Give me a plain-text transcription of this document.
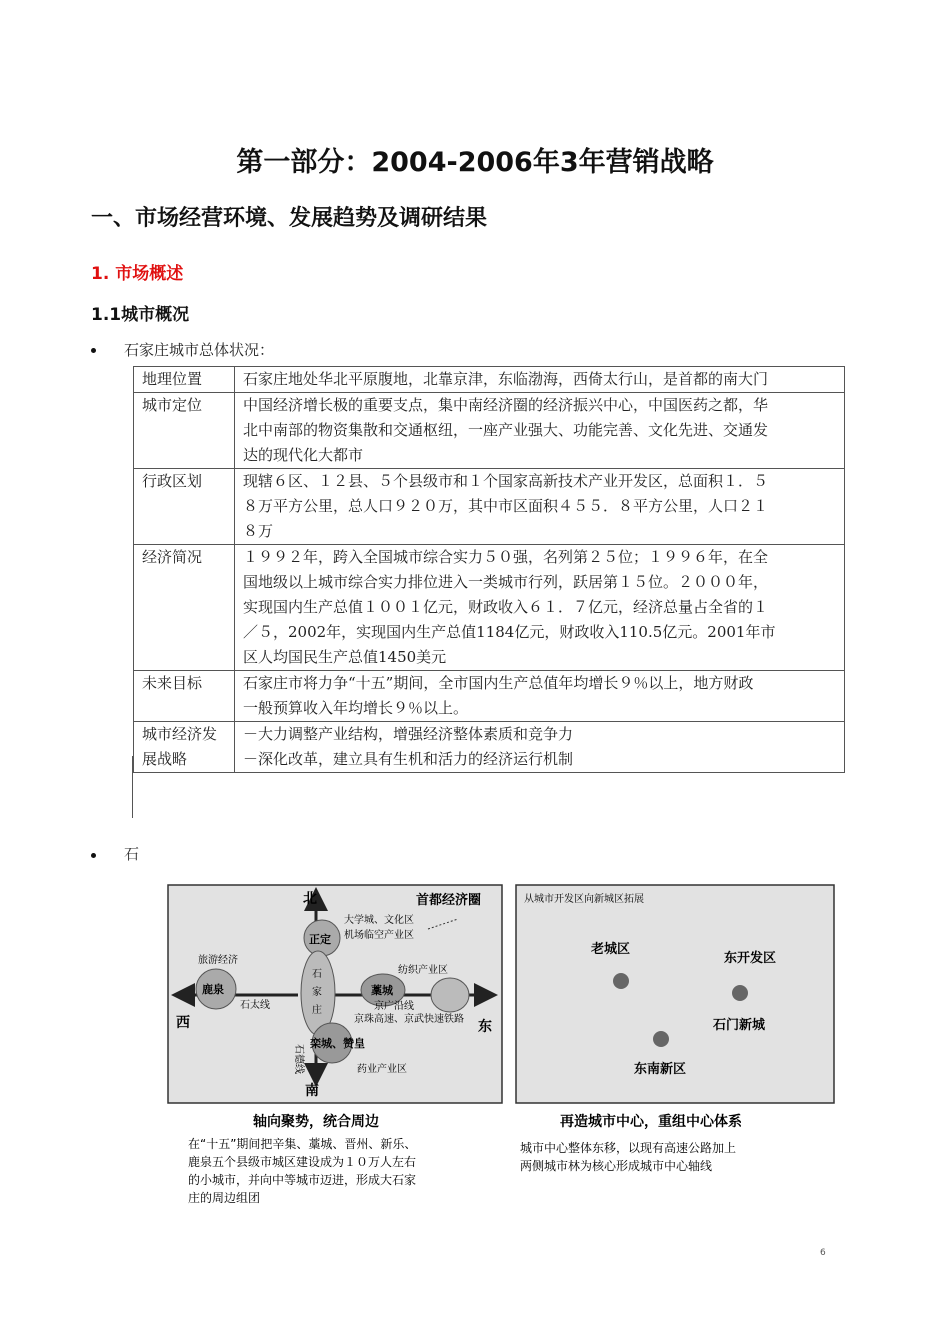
第一部分：2004-2006年3年营销战略
一、市场经营环境、发展趋势及调研结果
1. 市场概述
1.1城市概况
石家庄城市总体状况：
地理位置	石家庄地处华北平原腹地，北靠京津，东临渤海，西倚太行山，是首都的南大门

城市定位	中国经济增长极的重要支点，集中南经济圈的经济振兴中心，中国医药之都，华
北中南部的物资集散和交通枢纽，一座产业强大、功能完善、文化先进、交通发
达的现代化大都市

行政区划	现辖６区、１２县、５个县级市和１个国家高新技术产业开发区，总面积１．５
８万平方公里，总人口９２０万，其中市区面积４５５．８平方公里，人口２１
８万

经济简况	１９９２年，跨入全国城市综合实力５０强，名列第２５位；１９９６年，在全
国地级以上城市综合实力排位进入一类城市行列，跃居第１５位。２０００年，
实现国内生产总值１００１亿元，财政收入６１．７亿元，经济总量占全省的１
／５，2002年，实现国内生产总值1184亿元，财政收入110.5亿元。2001年市
区人均国民生产总值1450美元

未来目标	石家庄市将力争“十五”期间，全市国内生产总值年均增长９％以上，地方财政
一般预算收入年均增长９％以上。

城市经济发展战略	－大力调整产业结构，增强经济整体素质和竞争力
－深化改革，建立具有生机和活力的经济运行机制
石
首都经济圈
北
南
西	东
正定
大学城、文化区
机场临空产业区
旅游经济
鹿泉
石太线
石
家
庄
藁城
纺织产业区
京广沿线
京珠高速、京武快速铁路
栾城、赞皇
石德线	药业产业区
从城市开发区向新城区拓展
老城区
东开发区
石门新城
东南新区
轴向聚势，统合周边
在“十五”期间把辛集、藁城、晋州、新乐、
鹿泉五个县级市城区建设成为１０万人左右
的小城市，并向中等城市迈进，形成大石家
庄的周边组团
再造城市中心，重组中心体系
城市中心整体东移，以现有高速公路加上
两侧城市林为核心形成城市中心轴线
6
